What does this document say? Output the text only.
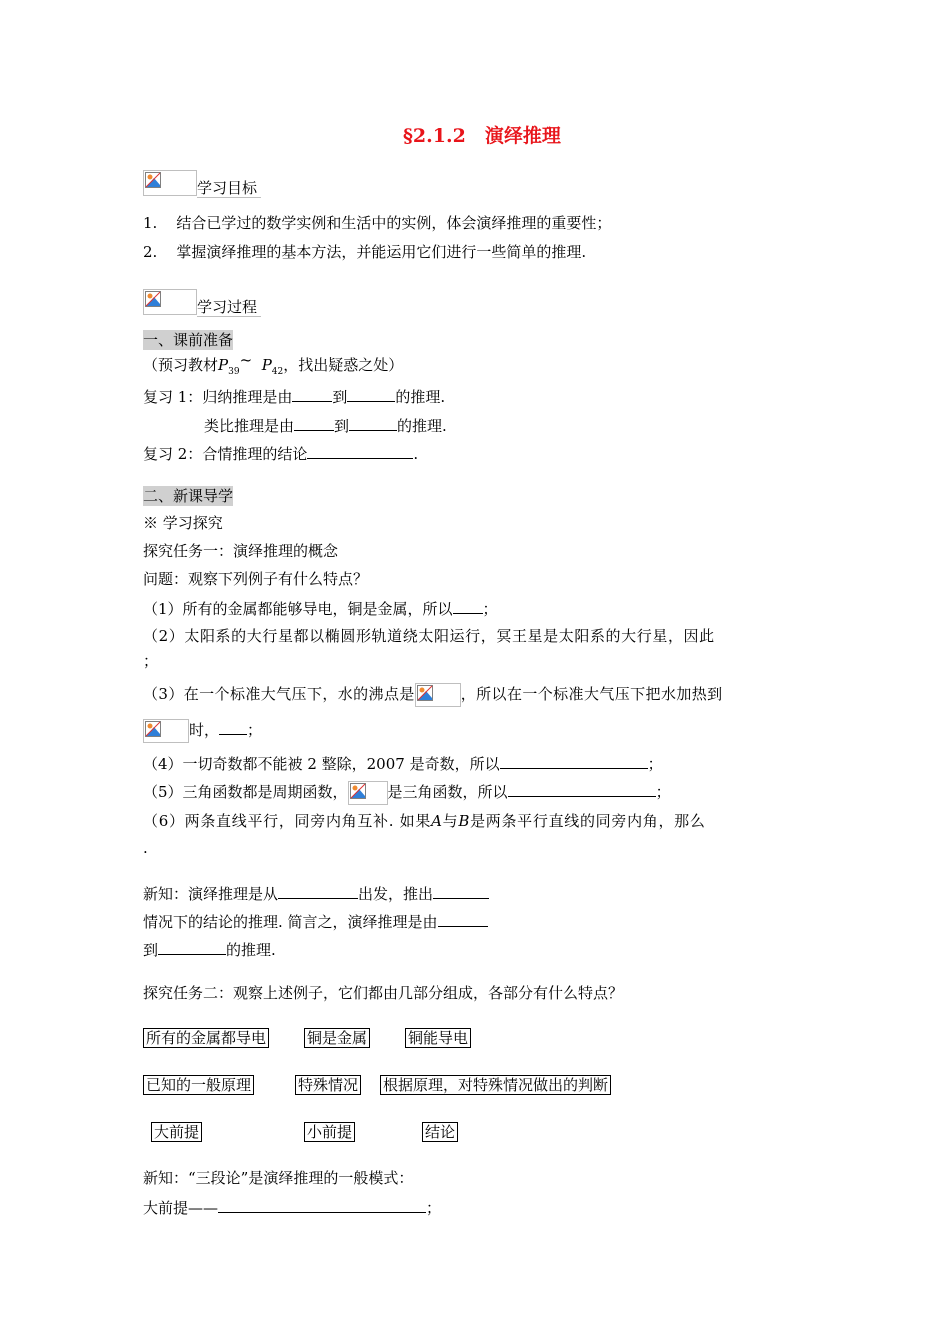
§2.1.2　演绎推理
学习目标
1. 结合已学过的数学实例和生活中的实例，体会演绎推理的重要性；
2. 掌握演绎推理的基本方法，并能运用它们进行一些简单的推理.
学习过程
一、课前准备
（预习教材$P_{39}\sim$ $P_{42}$，找出疑惑之处）
复习 1：归纳推理是由	到	的推理.
类比推理是由	到	的推理.
复习 2：合情推理的结论	.
二、新课导学
※ 学习探究
探究任务一：演绎推理的概念
问题：观察下列例子有什么特点？
（1）所有的金属都能够导电，铜是金属，所以 ；
（2）太阳系的大行星都以椭圆形轨道绕太阳运行，冥王星是太阳系的大行星，因此
；
（3）在一个标准大气压下，水的沸点是	，所以在一个标准大气压下把水加热到
时， ；
（4）一切奇数都不能被 2 整除，2007 是奇数，所以	；
（5）三角函数都是周期函数，	是三角函数，所以	；
（6）两条直线平行，同旁内角互补. 如果A与B是两条平行直线的同旁内角，那么
.
新知：演绎推理是从	出发，推出
情况下的结论的推理. 简言之，演绎推理是由
到	的推理.
探究任务二：观察上述例子，它们都由几部分组成，各部分有什么特点？
所有的金属都导电	铜是金属	铜能导电
已知的一般原理	特殊情况 根据原理，对特殊情况做出的判断
大前提	小前提	结论
新知：“三段论”是演绎推理的一般模式：
大前提——	；
